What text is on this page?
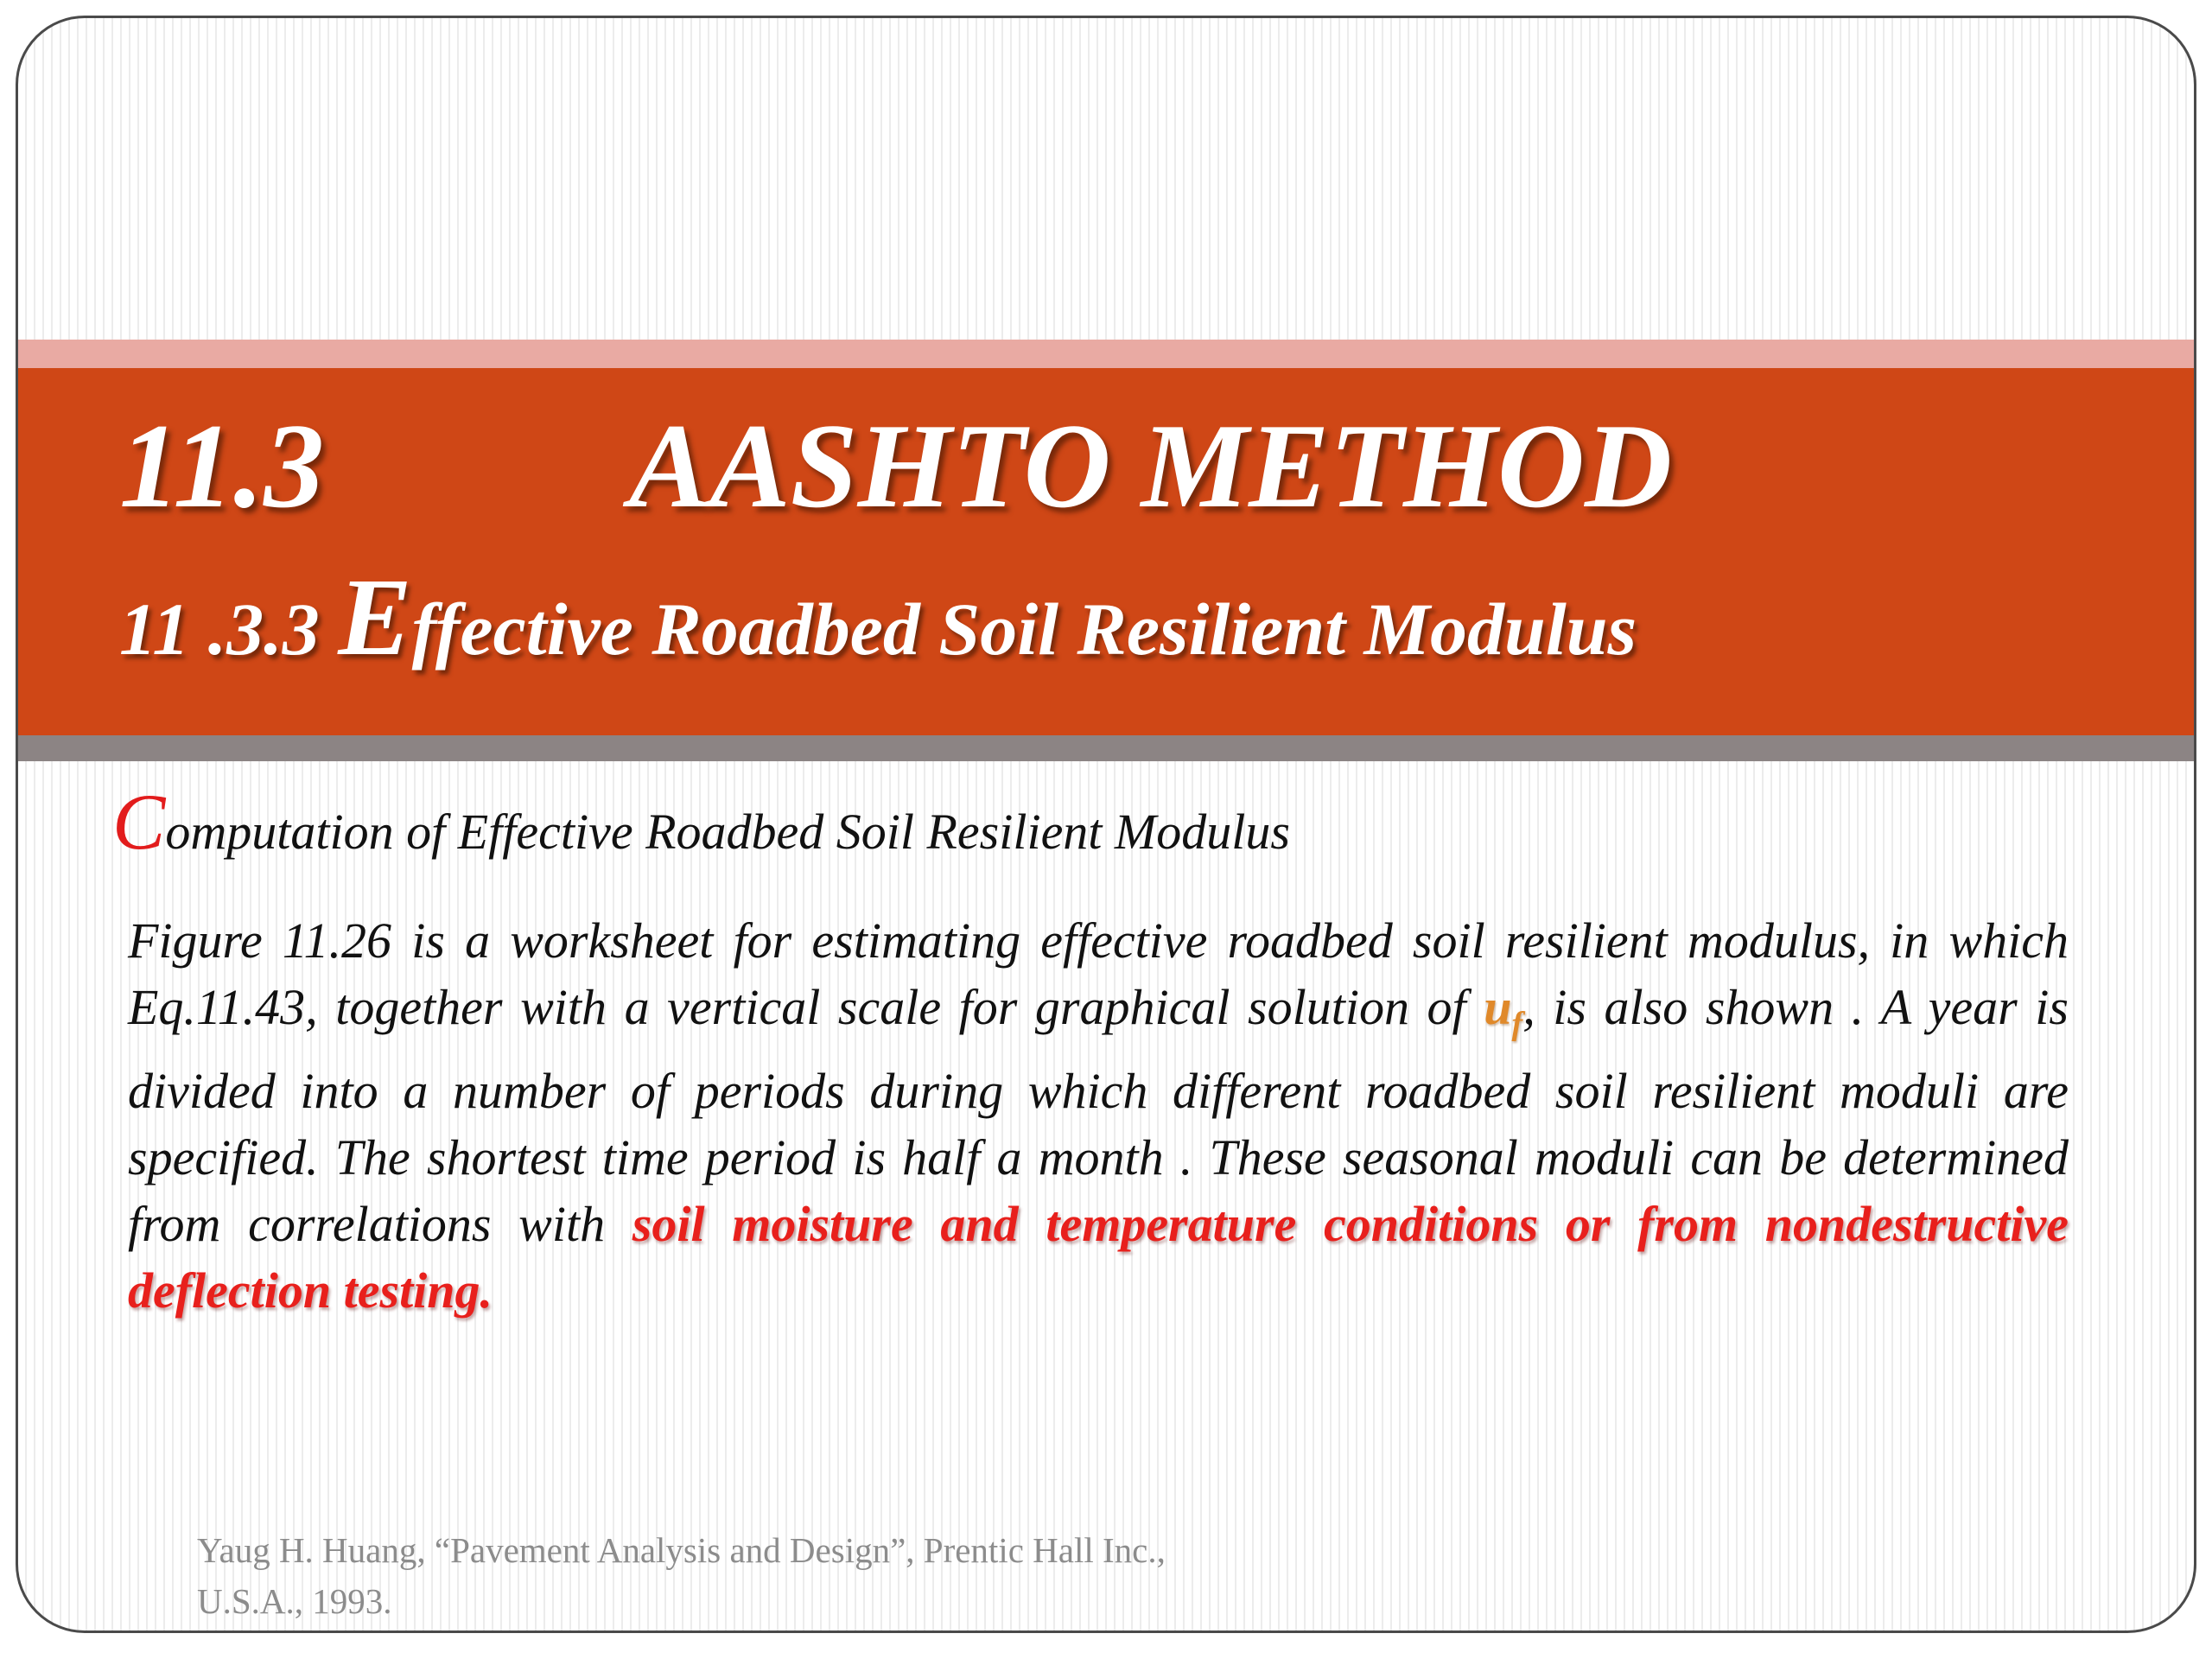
11.3	AASHTO METHOD
11 .3.3 Effective Roadbed Soil Resilient Modulus
Computation of Effective Roadbed Soil Resilient Modulus
Figure 11.26 is a worksheet for estimating effective roadbed soil resilient modulus, in which Eq.11.43, together with a vertical scale for graphical solution of $u_f$, is also shown . A year is divided into a number of periods during which different roadbed soil resilient moduli are specified. The shortest time period is half a month . These seasonal moduli can be determined from correlations with soil moisture and temperature conditions or from nondestructive deflection testing.
Yaug H. Huang, “Pavement Analysis and Design”, Prentic Hall Inc.,
U.S.A., 1993.
